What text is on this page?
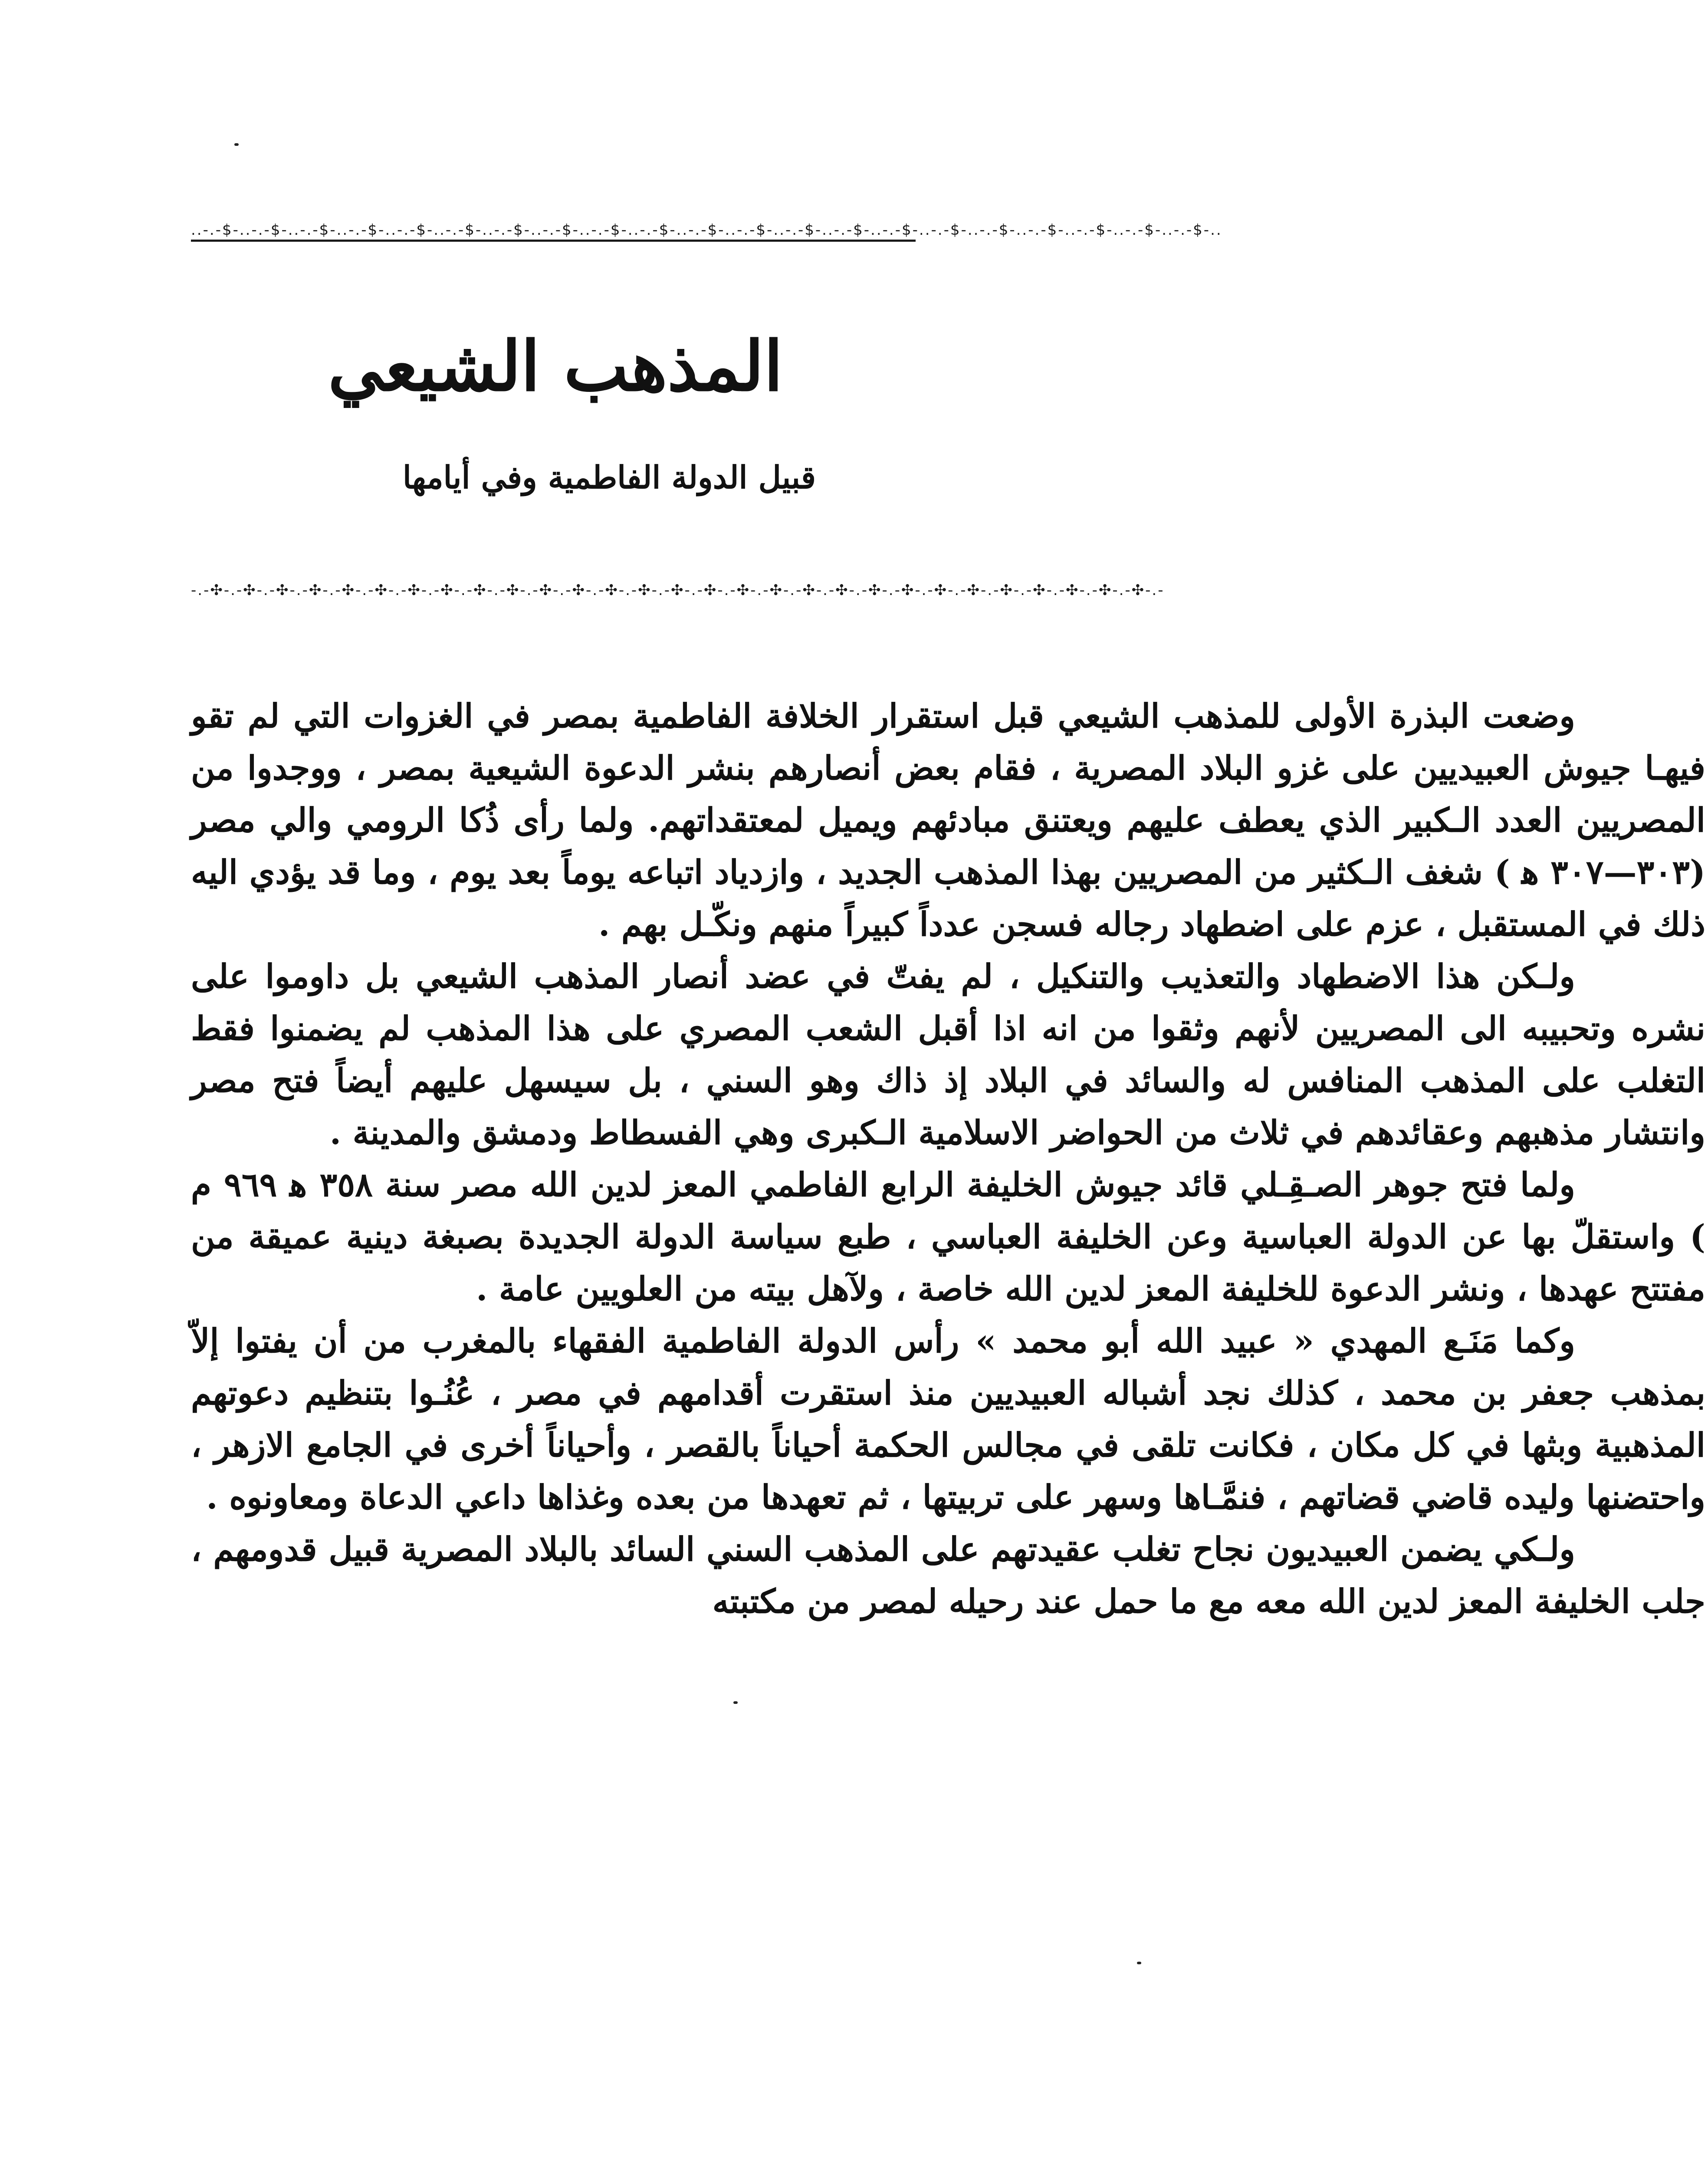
..-.-$-..-.-$-..-.-$-..-.-$-..-.-$-..-.-$-..-.-$-..-.-$-..-.-$-..-.-$-..-.-$-..-.-$-..-.-$-..-.-$-..-.-$-..-.-$-..-.-$-..-.-$-..-.-$-..-.-$-..-.-$-..
المذهب الشيعي
قبيل الدولة الفاطمية وفي أيامها
-.-✣-.-✣-.-✣-.-✣-.-✣-.-✣-.-✣-.-✣-.-✣-.-✣-.-✣-.-✣-.-✣-.-✣-.-✣-.-✣-.-✣-.-✣-.-✣-.-✣-.-✣-.-✣-.-✣-.-✣-.-✣-.-✣-.-✣-.-✣-.-✣-.-

وضعت البذرة الأولى للمذهب الشيعي قبل استقرار الخلافة الفاطمية بمصر في الغزوات التي لم تقو فيهـا جيوش العبيديين على غزو البلاد المصرية ، فقام بعض أنصارهم بنشر الدعوة الشيعية بمصر ، ووجدوا من المصريين العدد الـكبير الذي يعطف عليهم ويعتنق مبادئهم ويميل لمعتقداتهم. ولما رأى ذُكا الرومي والي مصر (٣٠٣—٣٠٧ ﻫ ) شغف الـكثير من المصريين بهذا المذهب الجديد ، وازدياد اتباعه يوماً بعد يوم ، وما قد يؤدي اليه ذلك في المستقبل ، عزم على اضطهاد رجاله فسجن عدداً كبيراً منهم ونكّـل بهم .

ولـكن هذا الاضطهاد والتعذيب والتنكيل ، لم يفتّ في عضد أنصار المذهب الشيعي بل داوموا على نشره وتحبيبه الى المصريين لأنهم وثقوا من انه اذا أقبل الشعب المصري على هذا المذهب لم يضمنوا فقط التغلب على المذهب المنافس له والسائد في البلاد إذ ذاك وهو السني ، بل سيسهل عليهم أيضاً فتح مصر وانتشار مذهبهم وعقائدهم في ثلاث من الحواضر الاسلامية الـكبرى وهي الفسطاط ودمشق والمدينة .

ولما فتح جوهر الصـقِـلي قائد جيوش الخليفة الرابع الفاطمي المعز لدين الله مصر سنة ٣٥٨ ﻫ ٩٦٩ م ) واستقلّ بها عن الدولة العباسية وعن الخليفة العباسي ، طبع سياسة الدولة الجديدة بصبغة دينية عميقة من مفتتح عهدها ، ونشر الدعوة للخليفة المعز لدين الله خاصة ، ولآهل بيته من العلويين عامة .

وكما مَنَـع المهدي « عبيد الله أبو محمد » رأس الدولة الفاطمية الفقهاء بالمغرب من أن يفتوا إلاّ بمذهب جعفر بن محمد ، كذلك نجد أشباله العبيديين منذ استقرت أقدامهم في مصر ، عُنُـوا بتنظيم دعوتهم المذهبية وبثها في كل مكان ، فكانت تلقى في مجالس الحكمة أحياناً بالقصر ، وأحياناً أخرى في الجامع الازهر ، واحتضنها وليده قاضي قضاتهم ، فنمَّـاها وسهر على تربيتها ، ثم تعهدها من بعده وغذاها داعي الدعاة ومعاونوه .

ولـكي يضمن العبيديون نجاح تغلب عقيدتهم على المذهب السني السائد بالبلاد المصرية قبيل قدومهم ، جلب الخليفة المعز لدين الله معه مع ما حمل عند رحيله لمصر من مكتبته
